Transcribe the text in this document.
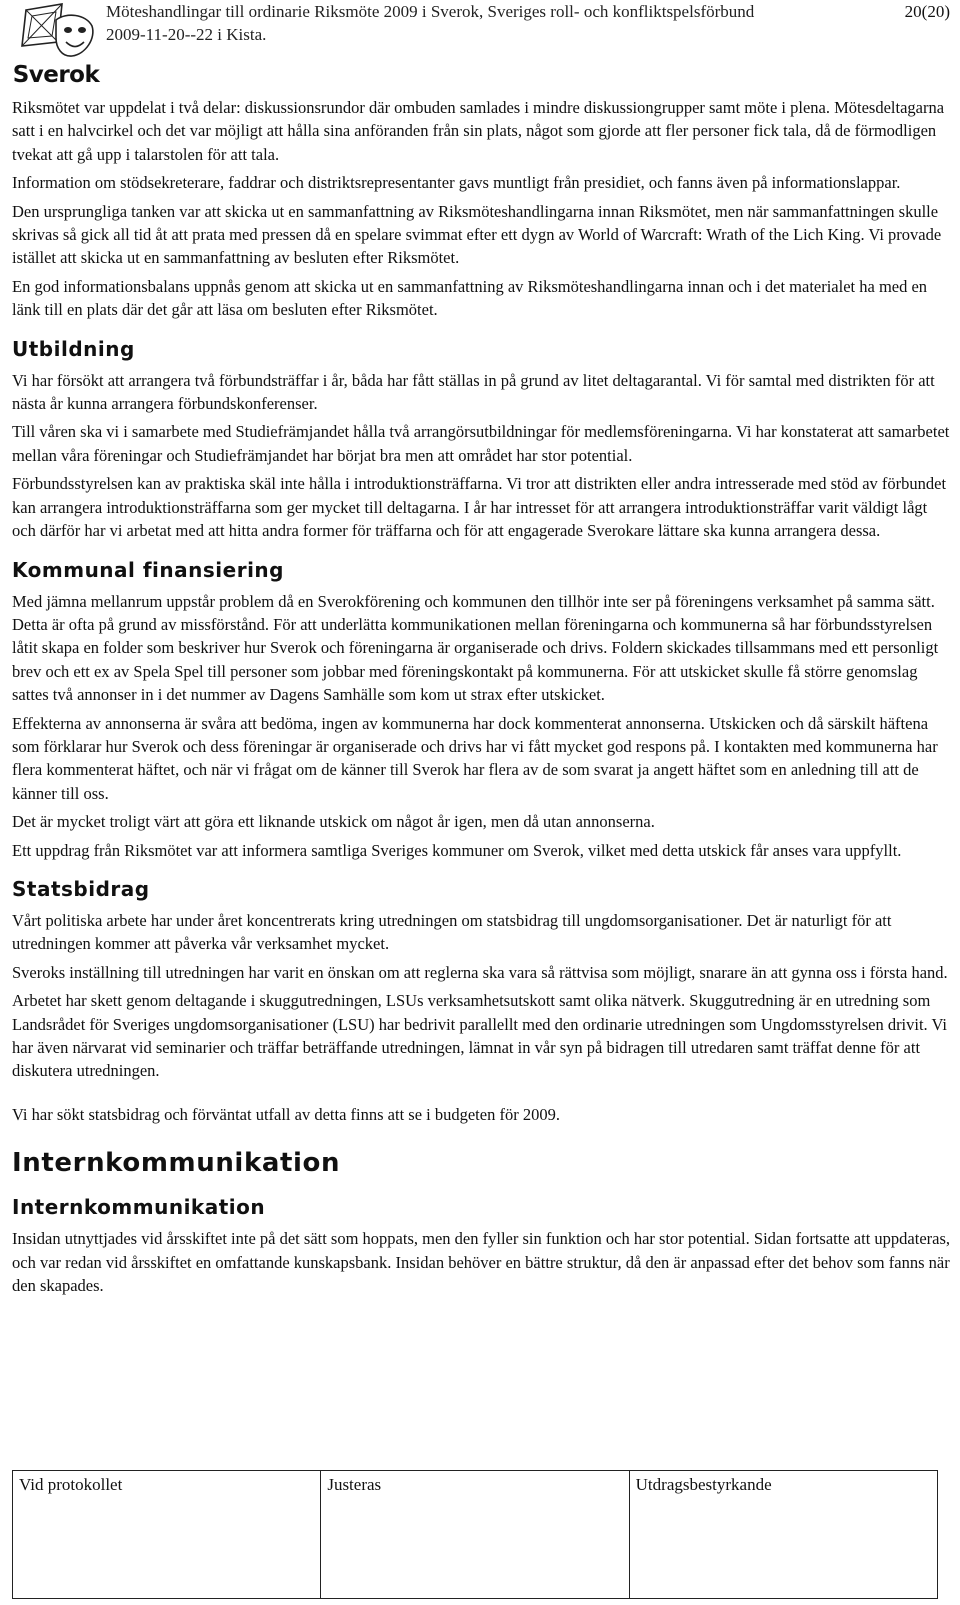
Sverok
Möteshandlingar till ordinarie Riksmöte 2009 i Sverok, Sveriges roll- och konfliktspelsförbund
2009-11-20--22 i Kista.
20(20)

Riksmötet var uppdelat i två delar: diskussionsrundor där ombuden samlades i mindre diskussiongrupper samt möte i plena. Mötesdeltagarna satt i en halvcirkel och det var möjligt att hålla sina anföranden från sin plats, något som gjorde att fler personer fick tala, då de förmodligen tvekat att gå upp i talarstolen för att tala.

Information om stödsekreterare, faddrar och distriktsrepresentanter gavs muntligt från presidiet, och fanns även på informationslappar.

Den ursprungliga tanken var att skicka ut en sammanfattning av Riksmöteshandlingarna innan Riksmötet, men när sammanfattningen skulle skrivas så gick all tid åt att prata med pressen då en spelare svimmat efter ett dygn av World of Warcraft: Wrath of the Lich King. Vi provade istället att skicka ut en sammanfattning av besluten efter Riksmötet.

En god informationsbalans uppnås genom att skicka ut en sammanfattning av Riksmöteshandlingarna innan och i det materialet ha med en länk till en plats där det går att läsa om besluten efter Riksmötet.

Utbildning

Vi har försökt att arrangera två förbundsträffar i år, båda har fått ställas in på grund av litet deltagarantal. Vi för samtal med distrikten för att nästa år kunna arrangera förbundskonferenser.

Till våren ska vi i samarbete med Studiefrämjandet hålla två arrangörsutbildningar för medlemsföreningarna. Vi har konstaterat att samarbetet mellan våra föreningar och Studiefrämjandet har börjat bra men att området har stor potential.

Förbundsstyrelsen kan av praktiska skäl inte hålla i introduktionsträffarna. Vi tror att distrikten eller andra intresserade med stöd av förbundet kan arrangera introduktionsträffarna som ger mycket till deltagarna. I år har intresset för att arrangera introduktionsträffar varit väldigt lågt och därför har vi arbetat med att hitta andra former för träffarna och för att engagerade Sverokare lättare ska kunna arrangera dessa.

Kommunal finansiering

Med jämna mellanrum uppstår problem då en Sverokförening och kommunen den tillhör inte ser på föreningens verksamhet på samma sätt. Detta är ofta på grund av missförstånd. För att underlätta kommunikationen mellan föreningarna och kommunerna så har förbundsstyrelsen låtit skapa en folder som beskriver hur Sverok och föreningarna är organiserade och drivs. Foldern skickades tillsammans med ett personligt brev och ett ex av Spela Spel till personer som jobbar med föreningskontakt på kommunerna. För att utskicket skulle få större genomslag sattes två annonser in i det nummer av Dagens Samhälle som kom ut strax efter utskicket.

Effekterna av annonserna är svåra att bedöma, ingen av kommunerna har dock kommenterat annonserna. Utskicken och då särskilt häftena som förklarar hur Sverok och dess föreningar är organiserade och drivs har vi fått mycket god respons på. I kontakten med kommunerna har flera kommenterat häftet, och när vi frågat om de känner till Sverok har flera av de som svarat ja angett häftet som en anledning till att de känner till oss.

Det är mycket troligt värt att göra ett liknande utskick om något år igen, men då utan annonserna.

Ett uppdrag från Riksmötet var att informera samtliga Sveriges kommuner om Sverok, vilket med detta utskick får anses vara uppfyllt.

Statsbidrag

Vårt politiska arbete har under året koncentrerats kring utredningen om statsbidrag till ungdomsorganisationer. Det är naturligt för att utredningen kommer att påverka vår verksamhet mycket.

Sveroks inställning till utredningen har varit en önskan om att reglerna ska vara så rättvisa som möjligt, snarare än att gynna oss i första hand.

Arbetet har skett genom deltagande i skuggutredningen, LSUs verksamhetsutskott samt olika nätverk. Skuggutredning är en utredning som Landsrådet för Sveriges ungdomsorganisationer (LSU) har bedrivit parallellt med den ordinarie utredningen som Ungdomsstyrelsen drivit. Vi har även närvarat vid seminarier och träffar beträffande utredningen, lämnat in vår syn på bidragen till utredaren samt träffat denne för att diskutera utredningen.

Vi har sökt statsbidrag och förväntat utfall av detta finns att se i budgeten för 2009.

Internkommunikation
Internkommunikation

Insidan utnyttjades vid årsskiftet inte på det sätt som hoppats, men den fyller sin funktion och har stor potential. Sidan fortsatte att uppdateras, och var redan vid årsskiftet en omfattande kunskapsbank. Insidan behöver en bättre struktur, då den är anpassad efter det behov som fanns när den skapades.

Vid protokollet	Justeras	Utdragsbestyrkande
